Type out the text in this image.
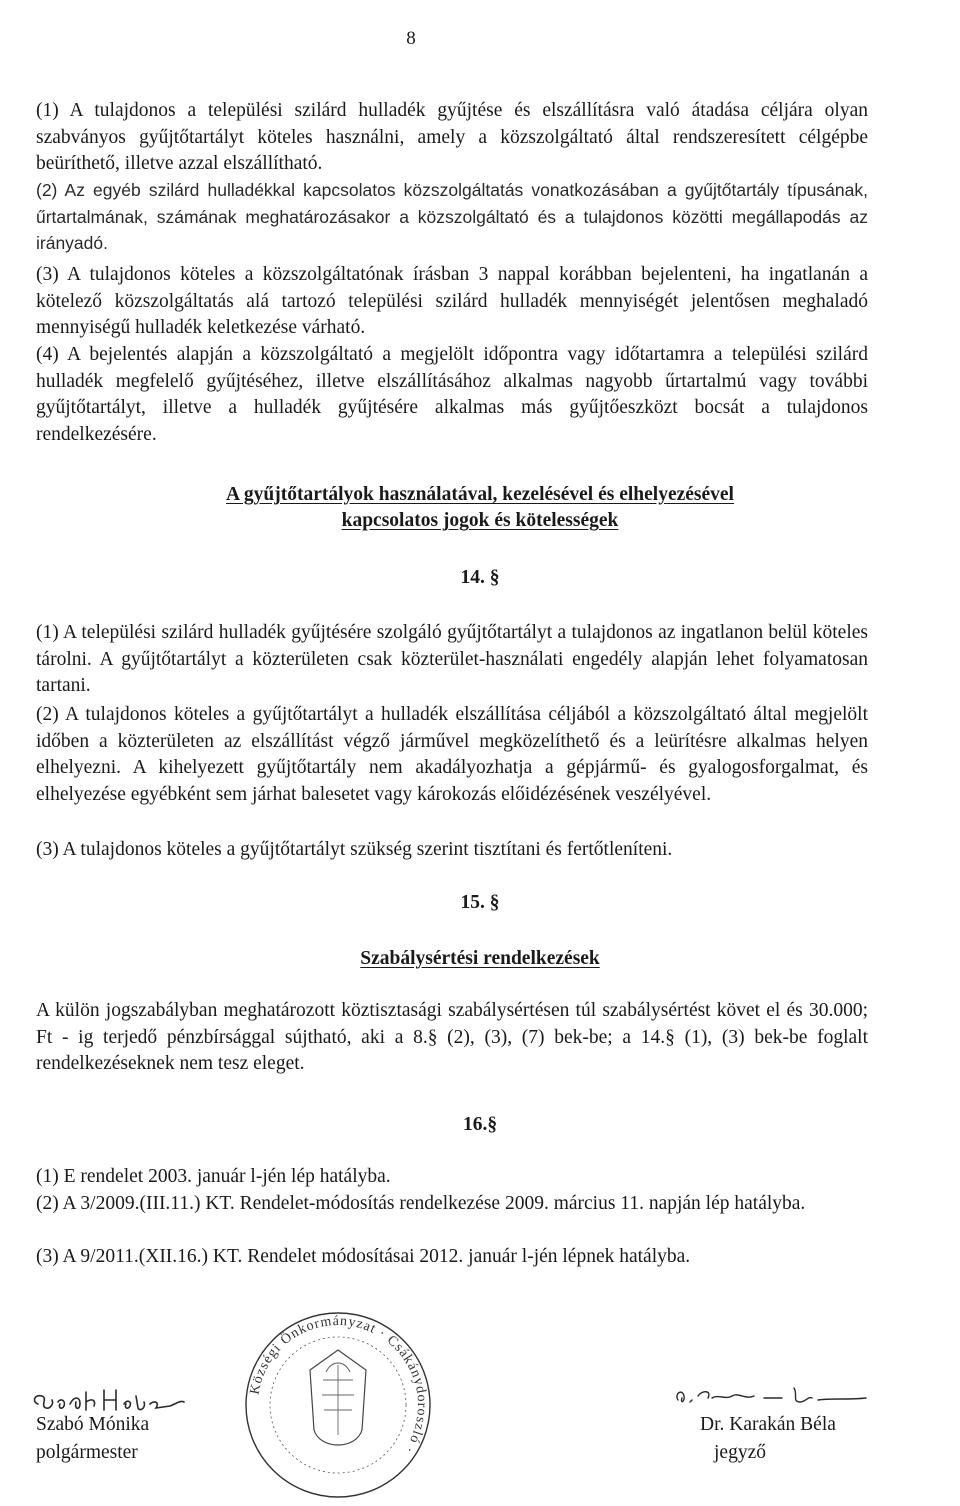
8

(1) A tulajdonos a települési szilárd hulladék gyűjtése és elszállításra való átadása céljára olyan szabványos gyűjtőtartályt köteles használni, amely a közszolgáltató által rendszeresített célgépbe beüríthető, illetve azzal elszállítható.

(2) Az egyéb szilárd hulladékkal kapcsolatos közszolgáltatás vonatkozásában a gyűjtőtartály típusának, űrtartalmának, számának meghatározásakor a közszolgáltató és a tulajdonos közötti megállapodás az irányadó.

(3) A tulajdonos köteles a közszolgáltatónak írásban 3 nappal korábban bejelenteni, ha ingatlanán a kötelező közszolgáltatás alá tartozó települési szilárd hulladék mennyiségét jelentősen meghaladó mennyiségű hulladék keletkezése várható.

(4) A bejelentés alapján a közszolgáltató a megjelölt időpontra vagy időtartamra a települési szilárd hulladék megfelelő gyűjtéséhez, illetve elszállításához alkalmas nagyobb űrtartalmú vagy további gyűjtőtartályt, illetve a hulladék gyűjtésére alkalmas más gyűjtőeszközt bocsát a tulajdonos rendelkezésére.

A gyűjtőtartályok használatával, kezelésével és elhelyezésével
kapcsolatos jogok és kötelességek
14. §

(1) A települési szilárd hulladék gyűjtésére szolgáló gyűjtőtartályt a tulajdonos az ingatlanon belül köteles tárolni. A gyűjtőtartályt a közterületen csak közterület-használati engedély alapján lehet folyamatosan tartani.

(2) A tulajdonos köteles a gyűjtőtartályt a hulladék elszállítása céljából a közszolgáltató által megjelölt időben a közterületen az elszállítást végző járművel megközelíthető és a leürítésre alkalmas helyen elhelyezni. A kihelyezett gyűjtőtartály nem akadályozhatja a gépjármű- és gyalogosforgalmat, és elhelyezése egyébként sem járhat balesetet vagy károkozás előidézésének veszélyével.

(3) A tulajdonos köteles a gyűjtőtartályt szükség szerint tisztítani és fertőtleníteni.

15. §
Szabálysértési rendelkezések

A külön jogszabályban meghatározott köztisztasági szabálysértésen túl szabálysértést követ el és 30.000; Ft - ig terjedő pénzbírsággal sújtható, aki a 8.§ (2), (3), (7) bek-be; a 14.§ (1), (3) bek-be foglalt rendelkezéseknek nem tesz eleget.

16.§

(1) E rendelet 2003. január l-jén lép hatályba.

(2) A 3/2009.(III.11.) KT. Rendelet-módosítás rendelkezése 2009. március 11. napján lép hatályba.

(3) A 9/2011.(XII.16.) KT. Rendelet módosításai 2012. január l-jén lépnek hatályba.

Szabó Mónika
polgármester
Községi Önkormányzat · Csákánydoroszló ·
Dr. Karakán Béla
jegyző
